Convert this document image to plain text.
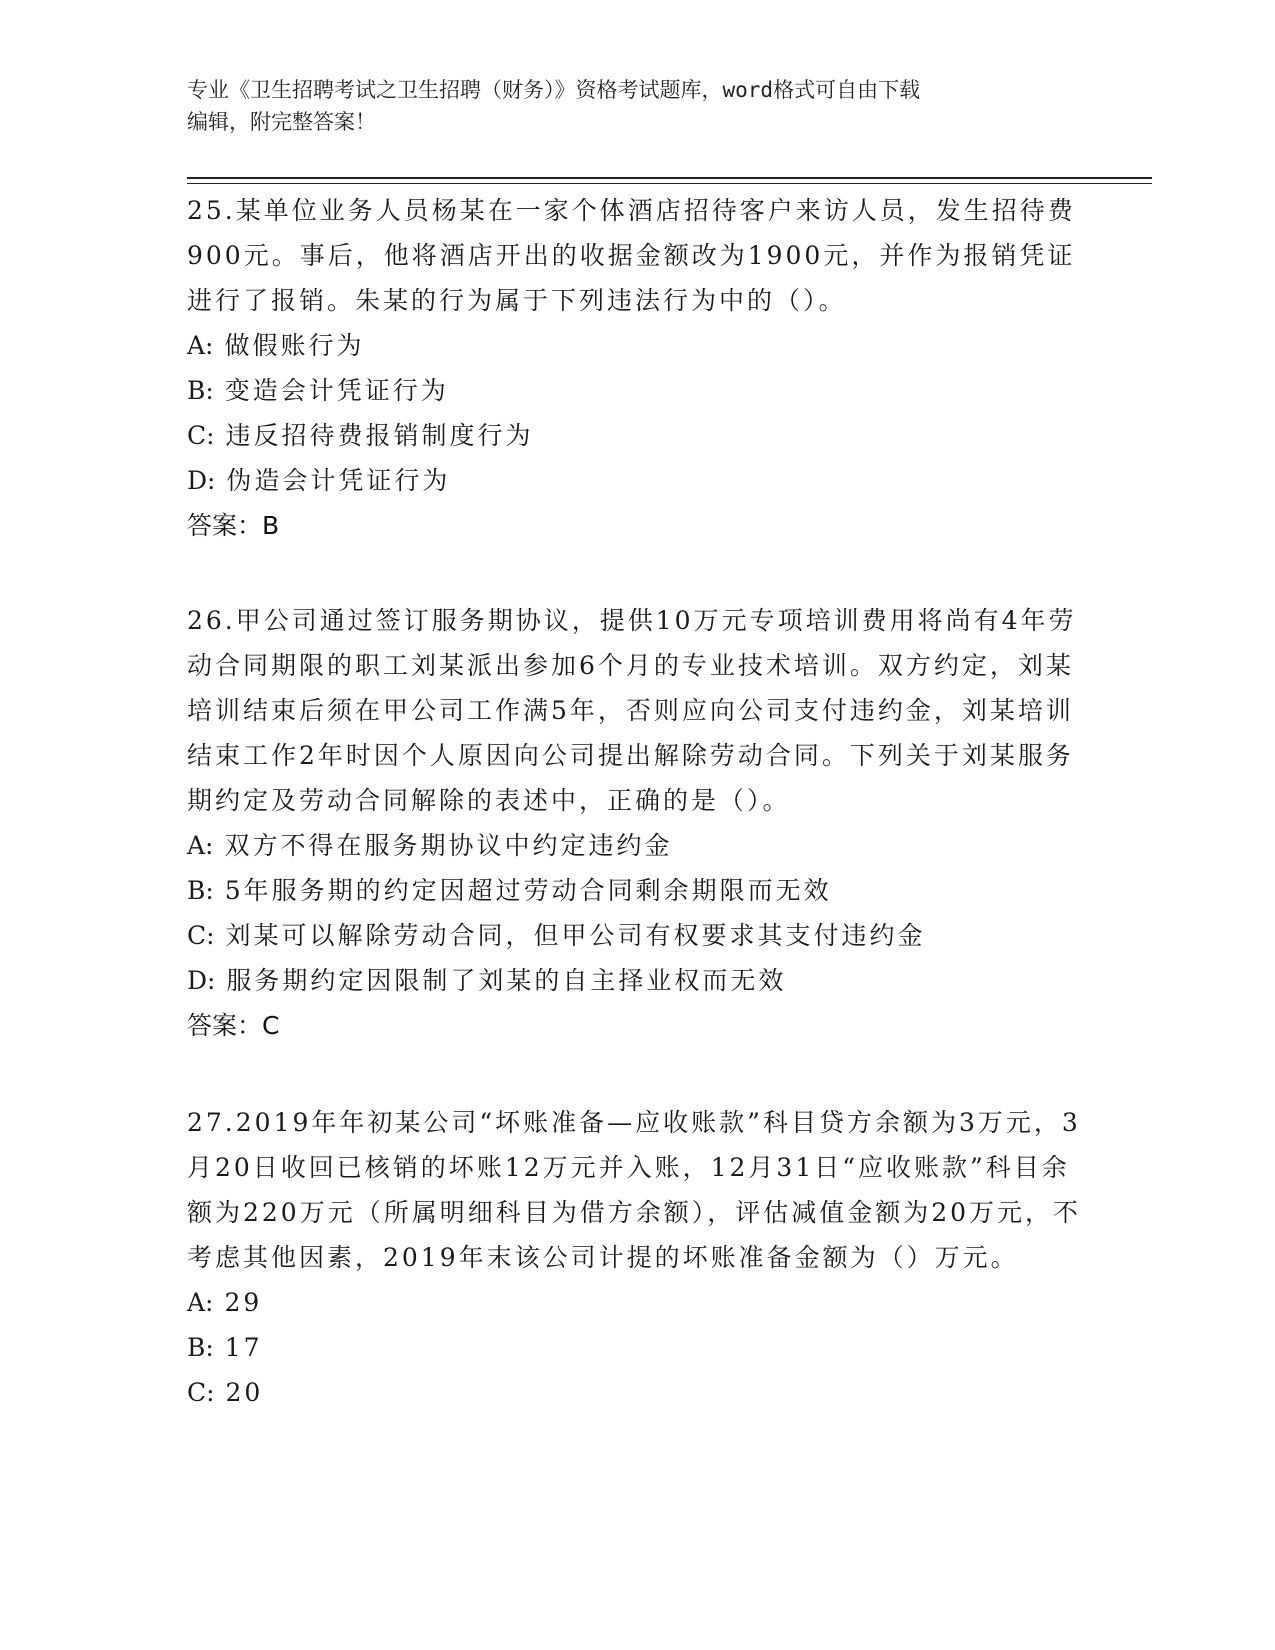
专业《卫生招聘考试之卫生招聘（财务）》资格考试题库，word格式可自由下载
编辑，附完整答案！
25.某单位业务人员杨某在一家个体酒店招待客户来访人员，发生招待费900元。事后，他将酒店开出的收据金额改为1900元，并作为报销凭证进行了报销。朱某的行为属于下列违法行为中的（）。
A: 做假账行为
B: 变造会计凭证行为
C: 违反招待费报销制度行为
D: 伪造会计凭证行为
答案：B
26.甲公司通过签订服务期协议，提供10万元专项培训费用将尚有4年劳动合同期限的职工刘某派出参加6个月的专业技术培训。双方约定，刘某培训结束后须在甲公司工作满5年，否则应向公司支付违约金，刘某培训结束工作2年时因个人原因向公司提出解除劳动合同。下列关于刘某服务期约定及劳动合同解除的表述中，正确的是（）。
A: 双方不得在服务期协议中约定违约金
B: 5年服务期的约定因超过劳动合同剩余期限而无效
C: 刘某可以解除劳动合同，但甲公司有权要求其支付违约金
D: 服务期约定因限制了刘某的自主择业权而无效
答案：C
27.2019年年初某公司“坏账准备—应收账款”科目贷方余额为3万元，3月20日收回已核销的坏账12万元并入账，12月31日“应收账款”科目余额为220万元（所属明细科目为借方余额），评估减值金额为20万元，不考虑其他因素，2019年末该公司计提的坏账准备金额为（）万元。
A: 29
B: 17
C: 20
